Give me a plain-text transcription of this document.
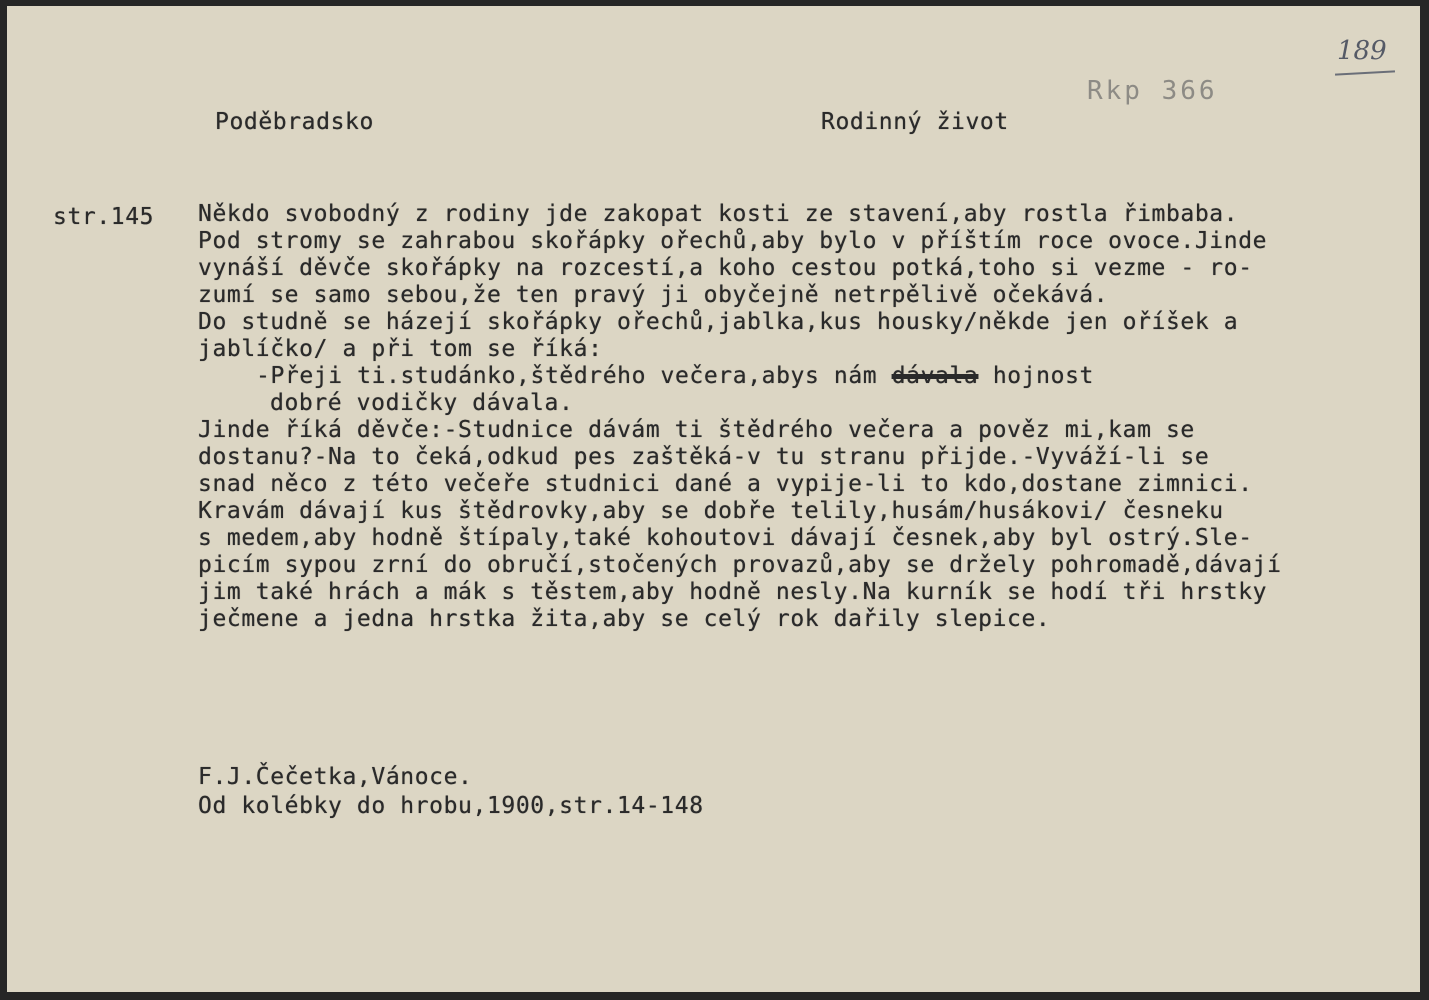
189
Rkp 366
Poděbradsko	Rodinný život
str.145 Někdo svobodný z rodiny jde zakopat kosti ze stavení,aby rostla řimbaba.
Pod stromy se zahrabou skořápky ořechů,aby bylo v příštím roce ovoce.Jinde
vynáší děvče skořápky na rozcestí,a koho cestou potká,toho si vezme - ro-
zumí se samo sebou,že ten pravý ji obyčejně netrpělivě očekává.
Do studně se házejí skořápky ořechů,jablka,kus housky/někde jen oříšek a
jablíčko/ a při tom se říká:
-Přeji ti.studánko,štědrého večera,abys nám dávala hojnost
dobré vodičky dávala.
Jinde říká děvče:-Studnice dávám ti štědrého večera a pověz mi,kam se
dostanu?-Na to čeká,odkud pes zaštěká-v tu stranu přijde.-Vyváží-li se
snad něco z této večeře studnici dané a vypije-li to kdo,dostane zimnici.
Kravám dávají kus štědrovky,aby se dobře telily,husám/husákovi/ česneku
s medem,aby hodně štípaly,také kohoutovi dávají česnek,aby byl ostrý.Sle-
picím sypou zrní do obručí,stočených provazů,aby se držely pohromadě,dávají
jim také hrách a mák s těstem,aby hodně nesly.Na kurník se hodí tři hrstky
ječmene a jedna hrstka žita,aby se celý rok dařily slepice.
F.J.Čečetka,Vánoce.
Od kolébky do hrobu,1900,str.14-148
